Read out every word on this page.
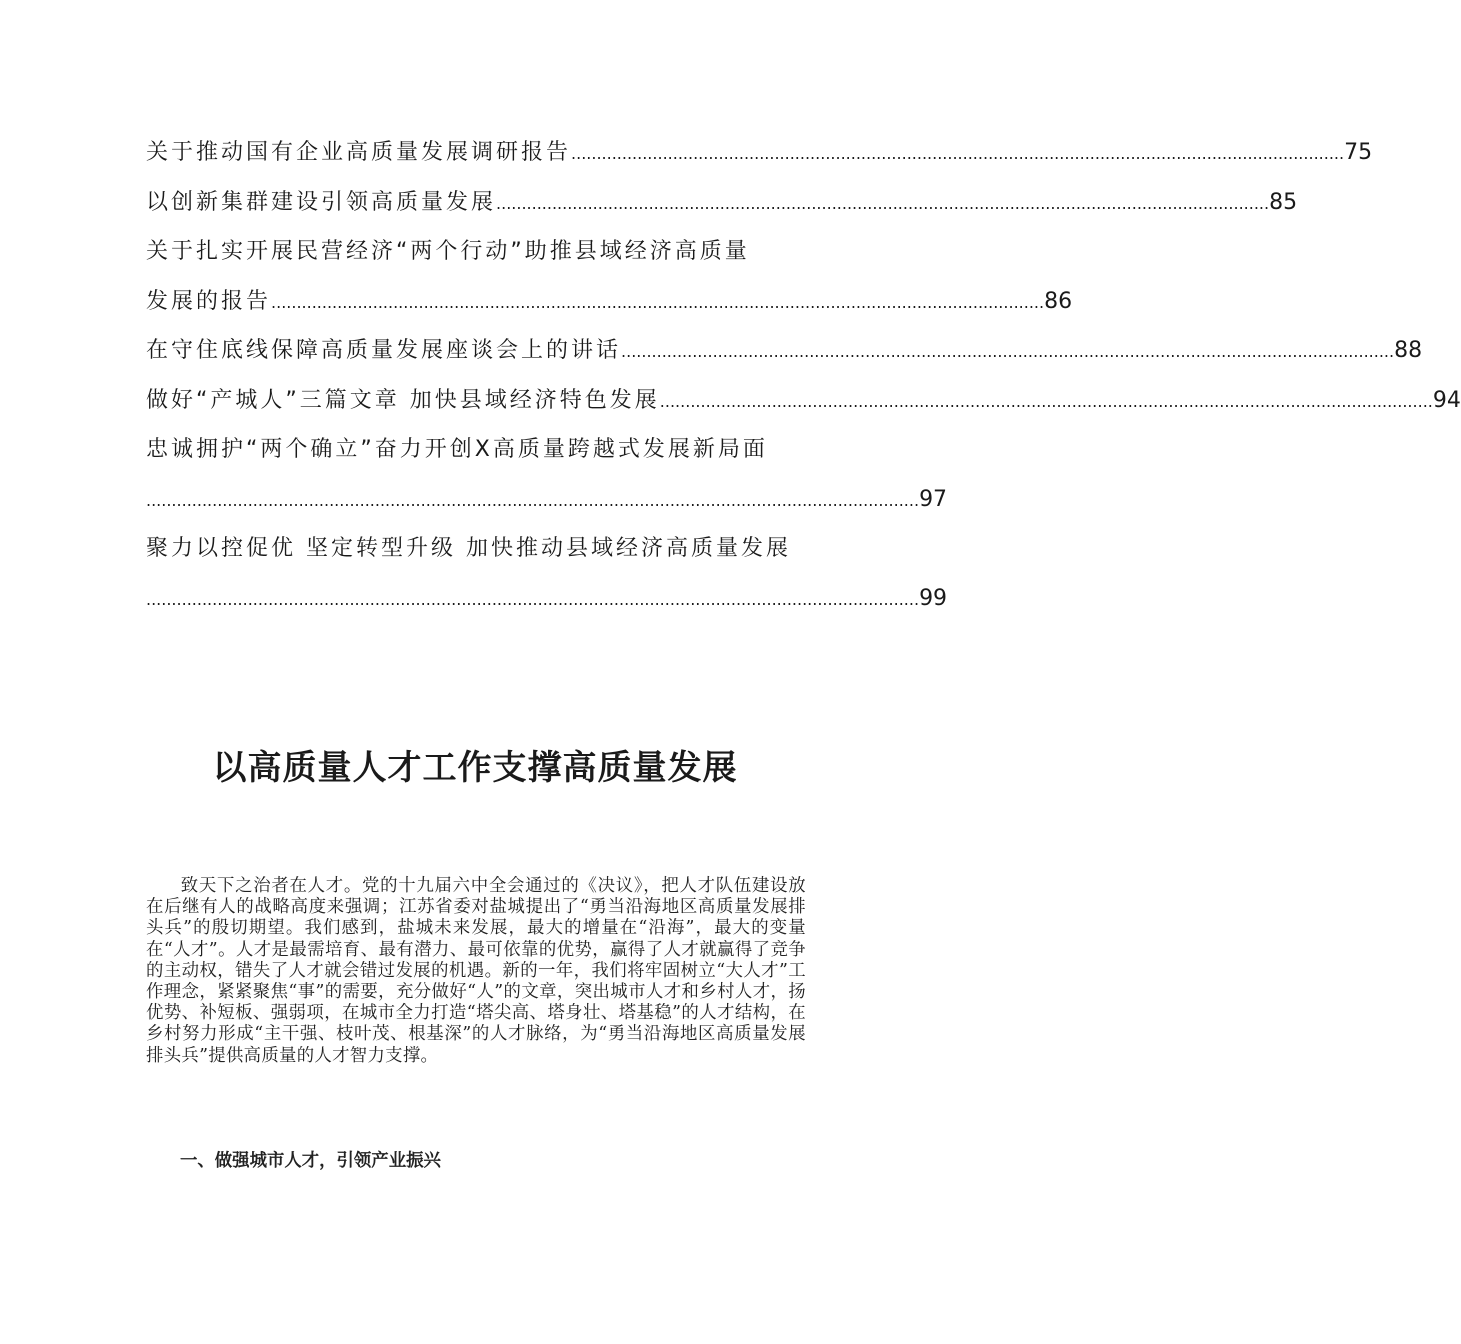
关于推动国有企业高质量发展调研报告 ........................................................................................................................................................ 75
以创新集群建设引领高质量发展 ........................................................................................................................................................ 85
关于扎实开展民营经济“两个行动”助推县域经济高质量
发展的报告 ........................................................................................................................................................ 86
在守住底线保障高质量发展座谈会上的讲话 ........................................................................................................................................................ 88
做好“产城人”三篇文章 加快县域经济特色发展 ........................................................................................................................................................ 94
忠诚拥护“两个确立”奋力开创X高质量跨越式发展新局面
........................................................................................................................................................ 97
聚力以控促优 坚定转型升级 加快推动县域经济高质量发展
........................................................................................................................................................ 99
以高质量人才工作支撑高质量发展

致天下之治者在人才。党的十九届六中全会通过的《决议》，把人才队伍建设放在后继有人的战略高度来强调；江苏省委对盐城提出了“勇当沿海地区高质量发展排头兵”的殷切期望。我们感到，盐城未来发展，最大的增量在“沿海”，最大的变量在“人才”。人才是最需培育、最有潜力、最可依靠的优势，赢得了人才就赢得了竞争的主动权，错失了人才就会错过发展的机遇。新的一年，我们将牢固树立“大人才”工作理念，紧紧聚焦“事”的需要，充分做好“人”的文章，突出城市人才和乡村人才，扬优势、补短板、强弱项，在城市全力打造“塔尖高、塔身壮、塔基稳”的人才结构，在乡村努力形成“主干强、枝叶茂、根基深”的人才脉络，为“勇当沿海地区高质量发展排头兵”提供高质量的人才智力支撑。

一、做强城市人才，引领产业振兴
